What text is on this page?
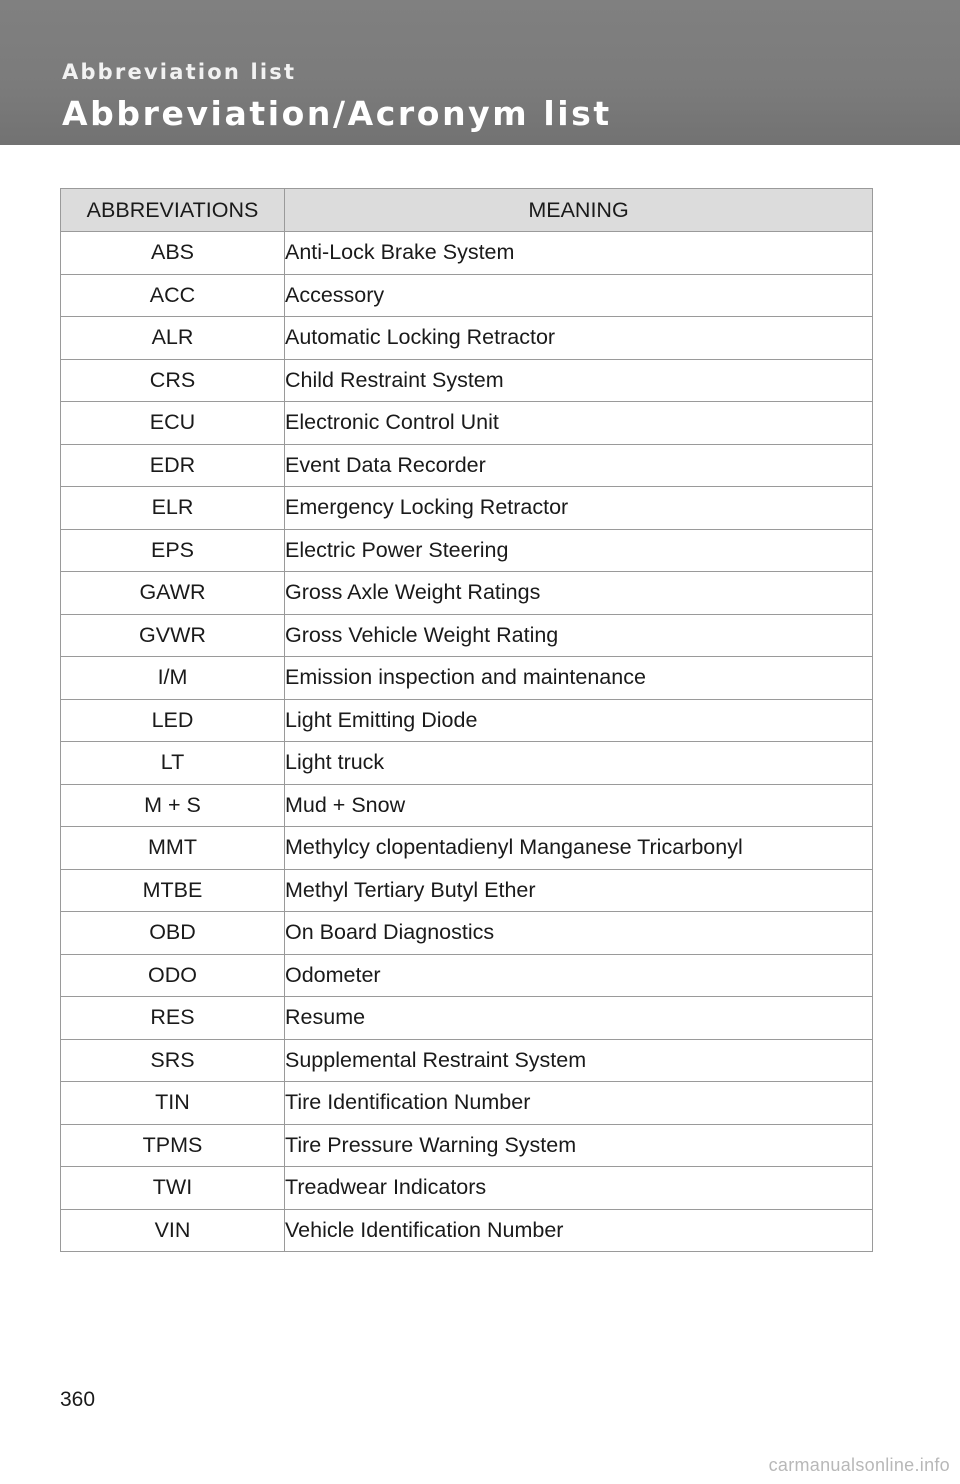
Abbreviation list
Abbreviation/Acronym list
ABBREVIATIONS	MEANING
ABS	Anti-Lock Brake System
ACC	Accessory
ALR	Automatic Locking Retractor
CRS	Child Restraint System
ECU	Electronic Control Unit
EDR	Event Data Recorder
ELR	Emergency Locking Retractor
EPS	Electric Power Steering
GAWR	Gross Axle Weight Ratings
GVWR	Gross Vehicle Weight Rating
I/M	Emission inspection and maintenance
LED	Light Emitting Diode
LT	Light truck
M + S	Mud + Snow
MMT	Methylcy clopentadienyl Manganese Tricarbonyl
MTBE	Methyl Tertiary Butyl Ether
OBD	On Board Diagnostics
ODO	Odometer
RES	Resume
SRS	Supplemental Restraint System
TIN	Tire Identification Number
TPMS	Tire Pressure Warning System
TWI	Treadwear Indicators
VIN	Vehicle Identification Number
360
carmanualsonline.info
